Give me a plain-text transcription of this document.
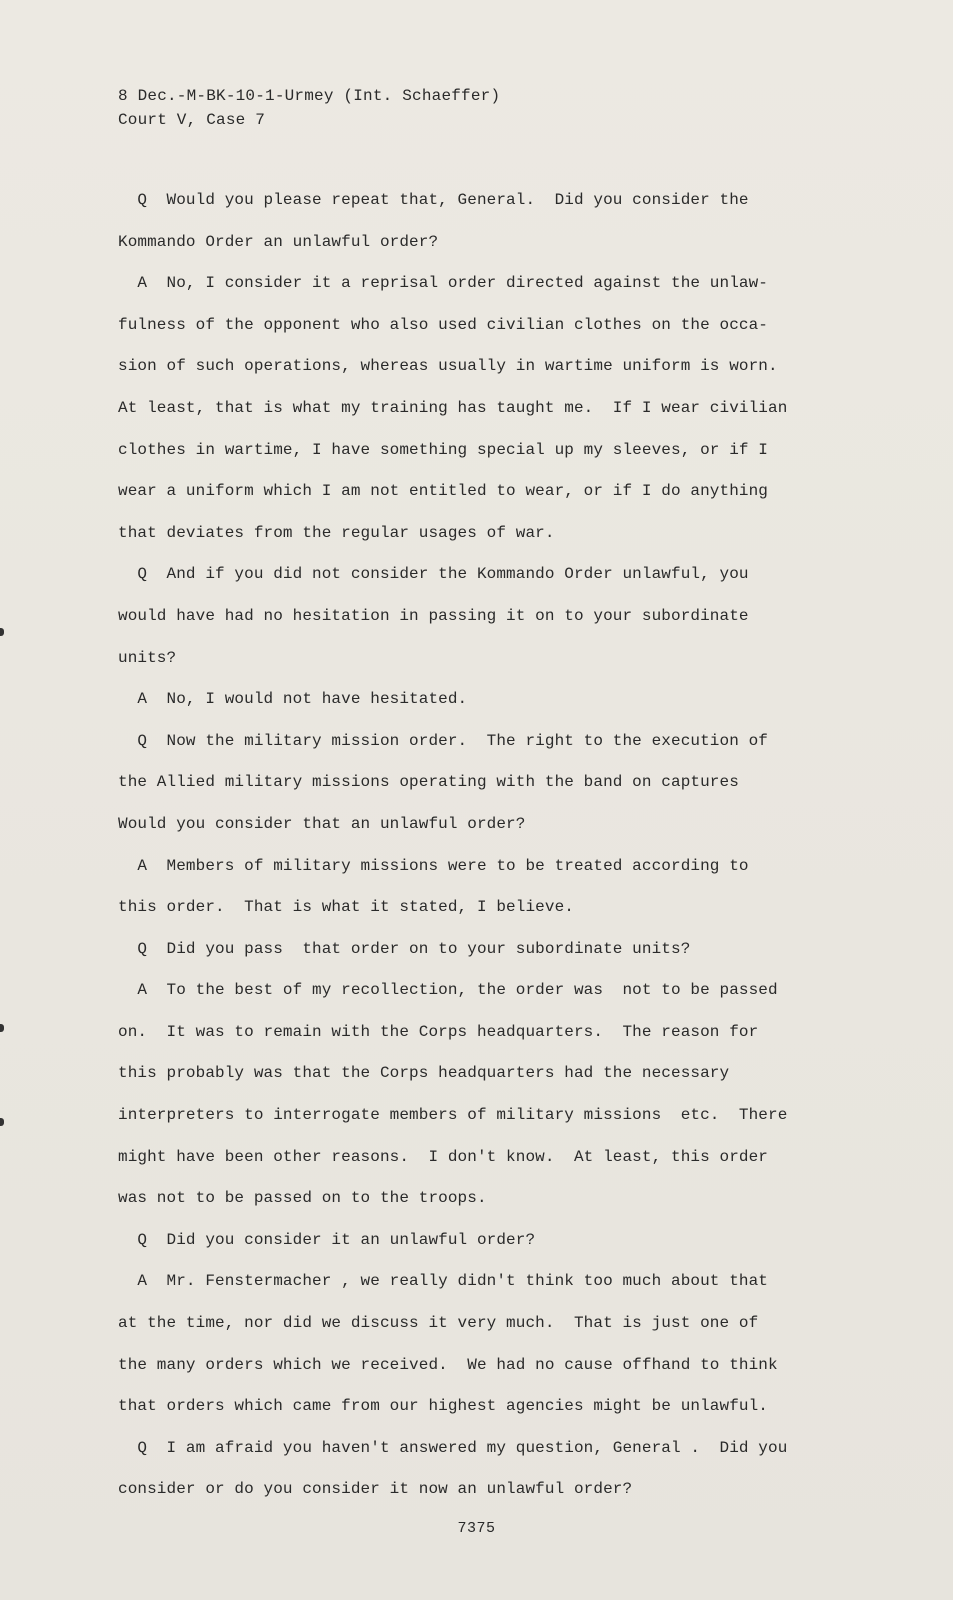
8 Dec.-M-BK-10-1-Urmey (Int. Schaeffer)
Court V, Case 7
Q  Would you please repeat that, General.  Did you consider the
Kommando Order an unlawful order?
A  No, I consider it a reprisal order directed against the unlaw-
fulness of the opponent who also used civilian clothes on the occa-
sion of such operations, whereas usually in wartime uniform is worn.
At least, that is what my training has taught me.  If I wear civilian
clothes in wartime, I have something special up my sleeves, or if I
wear a uniform which I am not entitled to wear, or if I do anything
that deviates from the regular usages of war.
Q  And if you did not consider the Kommando Order unlawful, you
would have had no hesitation in passing it on to your subordinate
units?
A  No, I would not have hesitated.
Q  Now the military mission order.  The right to the execution of
the Allied military missions operating with the band on captures
Would you consider that an unlawful order?
A  Members of military missions were to be treated according to
this order.  That is what it stated, I believe.
Q  Did you pass  that order on to your subordinate units?
A  To the best of my recollection, the order was  not to be passed
on.  It was to remain with the Corps headquarters.  The reason for
this probably was that the Corps headquarters had the necessary
interpreters to interrogate members of military missions  etc.  There
might have been other reasons.  I don't know.  At least, this order
was not to be passed on to the troops.
Q  Did you consider it an unlawful order?
A  Mr. Fenstermacher , we really didn't think too much about that
at the time, nor did we discuss it very much.  That is just one of
the many orders which we received.  We had no cause offhand to think
that orders which came from our highest agencies might be unlawful.
Q  I am afraid you haven't answered my question, General .  Did you
consider or do you consider it now an unlawful order?
7375
